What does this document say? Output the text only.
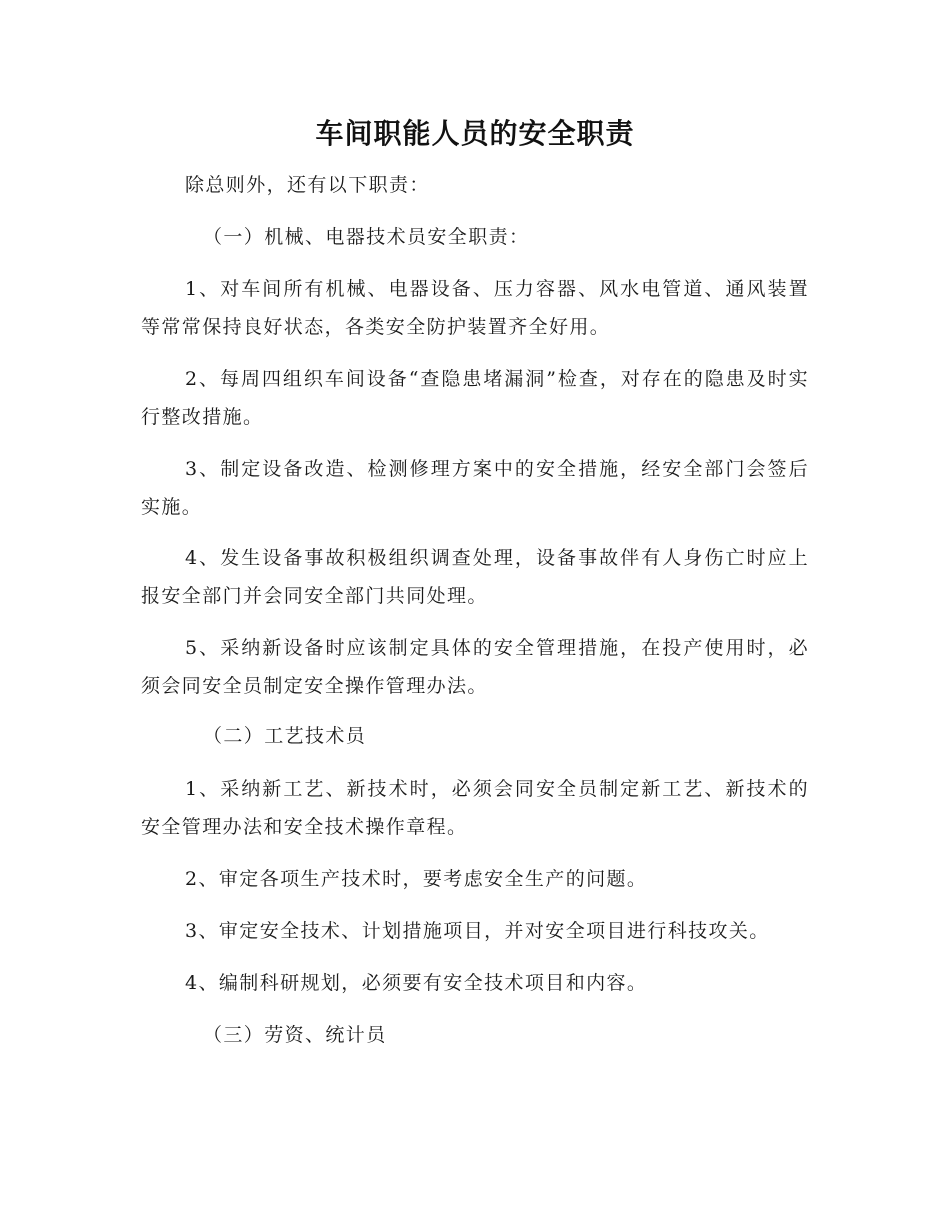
车间职能人员的安全职责
除总则外，还有以下职责：
（一）机械、电器技术员安全职责：
1、对车间所有机械、电器设备、压力容器、风水电管道、通风装置等常常保持良好状态，各类安全防护装置齐全好用。
2、每周四组织车间设备“查隐患堵漏洞”检查，对存在的隐患及时实行整改措施。
3、制定设备改造、检测修理方案中的安全措施，经安全部门会签后实施。
4、发生设备事故积极组织调查处理，设备事故伴有人身伤亡时应上报安全部门并会同安全部门共同处理。
5、采纳新设备时应该制定具体的安全管理措施，在投产使用时，必须会同安全员制定安全操作管理办法。
（二）工艺技术员
1、采纳新工艺、新技术时，必须会同安全员制定新工艺、新技术的安全管理办法和安全技术操作章程。
2、审定各项生产技术时，要考虑安全生产的问题。
3、审定安全技术、计划措施项目，并对安全项目进行科技攻关。
4、编制科研规划，必须要有安全技术项目和内容。
（三）劳资、统计员
